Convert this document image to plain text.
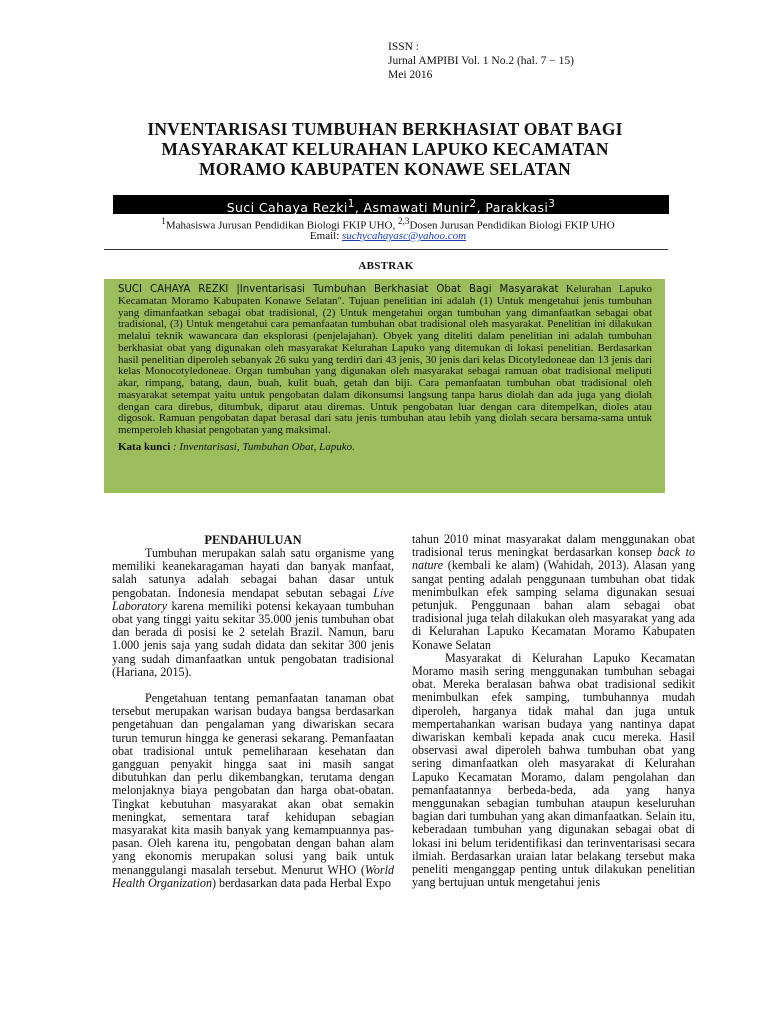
ISSN :
Jurnal AMPIBI Vol. 1 No.2 (hal. 7 − 15)
Mei 2016
INVENTARISASI TUMBUHAN BERKHASIAT OBAT BAGI
MASYARAKAT KELURAHAN LAPUKO KECAMATAN
MORAMO KABUPATEN KONAWE SELATAN
Suci Cahaya Rezki$^1$, Asmawati Munir$^2$, Parakkasi$^3$
$^1$Mahasiswa Jurusan Pendidikan Biologi FKIP UHO, $^{2,3}$Dosen Jurusan Pendidikan Biologi FKIP UHO
Email: suchycahayasc@yahoo.com
ABSTRAK
SUCI CAHAYA REZKI |Inventarisasi Tumbuhan Berkhasiat Obat Bagi Masyarakat Kelurahan Lapuko Kecamatan Moramo Kabupaten Konawe Selatan". Tujuan penelitian ini adalah (1) Untuk mengetahui jenis tumbuhan yang dimanfaatkan sebagai obat tradisional, (2) Untuk mengetahui organ tumbuhan yang dimanfaatkan sebagai obat tradisional, (3) Untuk mengetahui cara pemanfaatan tumbuhan obat tradisional oleh masyarakat. Penelitian ini dilakukan melalui teknik wawancara dan eksplorasi (penjelajahan). Obyek yang diteliti dalam penelitian ini adalah tumbuhan berkhasiat obat yang digunakan oleh masyarakat Kelurahan Lapuko yang ditemukan di lokasi penelitian. Berdasarkan hasil penelitian diperoleh sebanyak 26 suku yang terdiri dari 43 jenis, 30 jenis dari kelas Dicotyledoneae dan 13 jenis dari kelas Monocotyledoneae. Organ tumbuhan yang digunakan oleh masyarakat sebagai ramuan obat tradisional meliputi akar, rimpang, batang, daun, buah, kulit buah, getah dan biji. Cara pemanfaatan tumbuhan obat tradisional oleh masyarakat setempat yaitu untuk pengobatan dalam dikonsumsi langsung tanpa harus diolah dan ada juga yang diolah dengan cara direbus, ditumbuk, diparut atau diremas. Untuk pengobatan luar dengan cara ditempelkan, dioles atau digosok. Ramuan pengobatan dapat berasal dari satu jenis tumbuhan atau lebih yang diolah secara bersama-sama untuk memperoleh khasiat pengobatan yang maksimal.
Kata kunci : Inventarisasi, Tumbuhan Obat, Lapuko.
PENDAHULUAN

Tumbuhan merupakan salah satu organisme yang memiliki keanekaragaman hayati dan banyak manfaat, salah satunya adalah sebagai bahan dasar untuk pengobatan. Indonesia mendapat sebutan sebagai Live Laboratory karena memiliki potensi kekayaan tumbuhan obat yang tinggi yaitu sekitar 35.000 jenis tumbuhan obat dan berada di posisi ke 2 setelah Brazil. Namun, baru 1.000 jenis saja yang sudah didata dan sekitar 300 jenis yang sudah dimanfaatkan untuk pengobatan tradisional (Hariana, 2015).

Pengetahuan tentang pemanfaatan tanaman obat tersebut merupakan warisan budaya bangsa berdasarkan pengetahuan dan pengalaman yang diwariskan secara turun temurun hingga ke generasi sekarang. Pemanfaatan obat tradisional untuk pemeliharaan kesehatan dan gangguan penyakit hingga saat ini masih sangat dibutuhkan dan perlu dikembangkan, terutama dengan melonjaknya biaya pengobatan dan harga obat-obatan. Tingkat kebutuhan masyarakat akan obat semakin meningkat, sementara taraf kehidupan sebagian masyarakat kita masih banyak yang kemampuannya pas-pasan. Oleh karena itu, pengobatan dengan bahan alam yang ekonomis merupakan solusi yang baik untuk menanggulangi masalah tersebut. Menurut WHO (World Health Organization) berdasarkan data pada Herbal Expo

tahun 2010 minat masyarakat dalam menggunakan obat tradisional terus meningkat berdasarkan konsep back to nature (kembali ke alam) (Wahidah, 2013). Alasan yang sangat penting adalah penggunaan tumbuhan obat tidak menimbulkan efek samping selama digunakan sesuai petunjuk. Penggunaan bahan alam sebagai obat tradisional juga telah dilakukan oleh masyarakat yang ada di Kelurahan Lapuko Kecamatan Moramo Kabupaten Konawe Selatan

Masyarakat di Kelurahan Lapuko Kecamatan Moramo masih sering menggunakan tumbuhan sebagai obat. Mereka beralasan bahwa obat tradisional sedikit menimbulkan efek samping, tumbuhannya mudah diperoleh, harganya tidak mahal dan juga untuk mempertahankan warisan budaya yang nantinya dapat diwariskan kembali kepada anak cucu mereka. Hasil observasi awal diperoleh bahwa tumbuhan obat yang sering dimanfaatkan oleh masyarakat di Kelurahan Lapuko Kecamatan Moramo, dalam pengolahan dan pemanfaatannya berbeda-beda, ada yang hanya menggunakan sebagian tumbuhan ataupun keseluruhan bagian dari tumbuhan yang akan dimanfaatkan. Selain itu, keberadaan tumbuhan yang digunakan sebagai obat di lokasi ini belum teridentifikasi dan terinventarisasi secara ilmiah. Berdasarkan uraian latar belakang tersebut maka peneliti menganggap penting untuk dilakukan penelitian yang bertujuan untuk mengetahui jenis
